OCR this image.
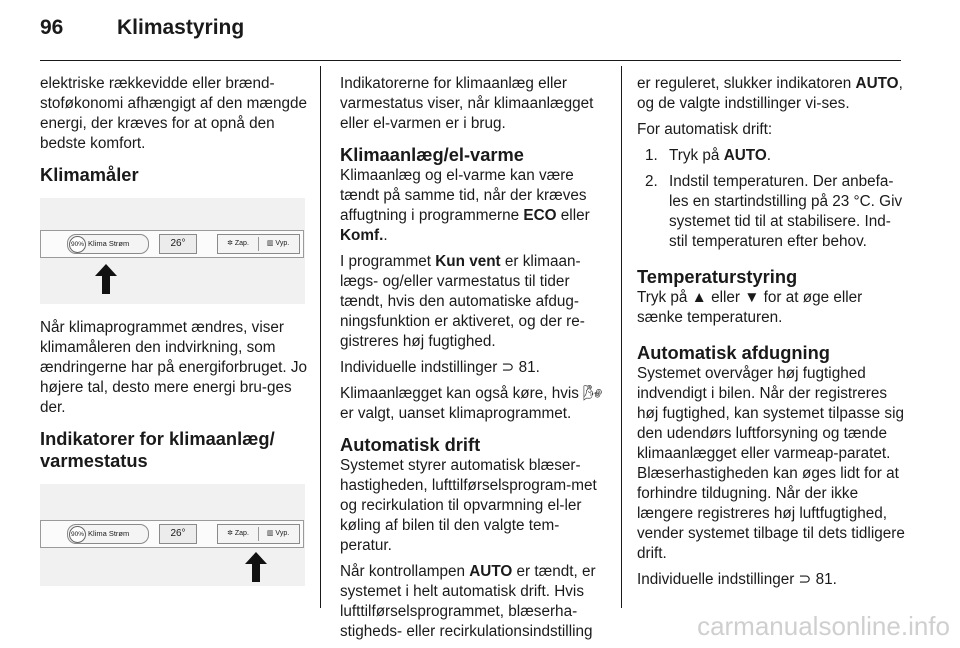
96	Klimastyring

elektriske rækkevidde eller brænd-stoføkonomi afhængigt af den mængde energi, der kræves for at opnå den bedste komfort.

Klimamåler
90% Klima Strøm	26°	✲ Zap.	▥ Vyp.

Når klimaprogrammet ændres, viser klimamåleren den indvirkning, som ændringerne har på energiforbruget. Jo højere tal, desto mere energi bru-ges der.

Indikatorer for klimaanlæg/ varmestatus
90% Klima Strøm	26°	✲ Zap.	▥ Vyp.

Indikatorerne for klimaanlæg eller varmestatus viser, når klimaanlægget eller el-varmen er i brug.

Klimaanlæg/el-varme

Klimaanlæg og el-varme kan være tændt på samme tid, når der kræves affugtning i programmerne ECO eller Komf..

I programmet Kun vent er klimaan-lægs- og/eller varmestatus til tider tændt, hvis den automatiske afdug-ningsfunktion er aktiveret, og der re-gistreres høj fugtighed.

Individuelle indstillinger ⊃ 81.

Klimaanlægget kan også køre, hvis 🌬 er valgt, uanset klimaprogrammet.

Automatisk drift

Systemet styrer automatisk blæser-hastigheden, lufttilførselsprogram-met og recirkulation til opvarmning el-ler køling af bilen til den valgte tem-peratur.

Når kontrollampen AUTO er tændt, er systemet i helt automatisk drift. Hvis lufttilførselsprogrammet, blæserha-stigheds- eller recirkulationsindstilling

er reguleret, slukker indikatoren AUTO, og de valgte indstillinger vi-ses.

For automatisk drift:

1. Tryk på AUTO.
2. Indstil temperaturen. Der anbefa-les en startindstilling på 23 °C. Giv systemet tid til at stabilisere. Ind-stil temperaturen efter behov.
Temperaturstyring

Tryk på ▲ eller ▼ for at øge eller sænke temperaturen.

Automatisk afdugning

Systemet overvåger høj fugtighed indvendigt i bilen. Når der registreres høj fugtighed, kan systemet tilpasse sig den udendørs luftforsyning og tænde klimaanlægget eller varmeap-paratet. Blæserhastigheden kan øges lidt for at forhindre tildugning. Når der ikke længere registreres høj luftfugtighed, vender systemet tilbage til dets tidligere drift.

Individuelle indstillinger ⊃ 81.

carmanualsonline.info
